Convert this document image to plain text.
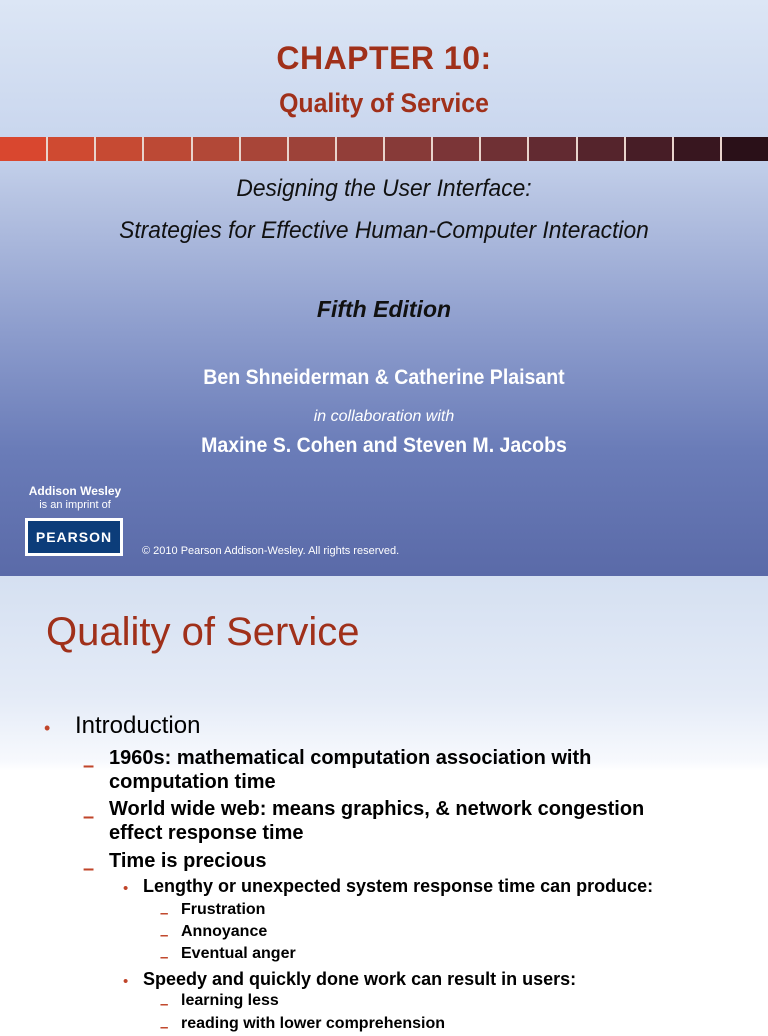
CHAPTER 10:
Quality of Service
Designing the User Interface:
Strategies for Effective Human-Computer Interaction
Fifth Edition
Ben Shneiderman & Catherine Plaisant
in collaboration with
Maxine S. Cohen and Steven M. Jacobs
Addison Wesley
is an imprint of
PEARSON
© 2010 Pearson Addison-Wesley. All rights reserved.
Quality of Service
• Introduction
– 1960s: mathematical computation association with
computation time
– World wide web: means graphics, & network congestion
effect response time
– Time is precious
• Lengthy or unexpected system response time can produce:
– Frustration
– Annoyance
– Eventual anger
• Speedy and quickly done work can result in users:
– learning less
– reading with lower comprehension
